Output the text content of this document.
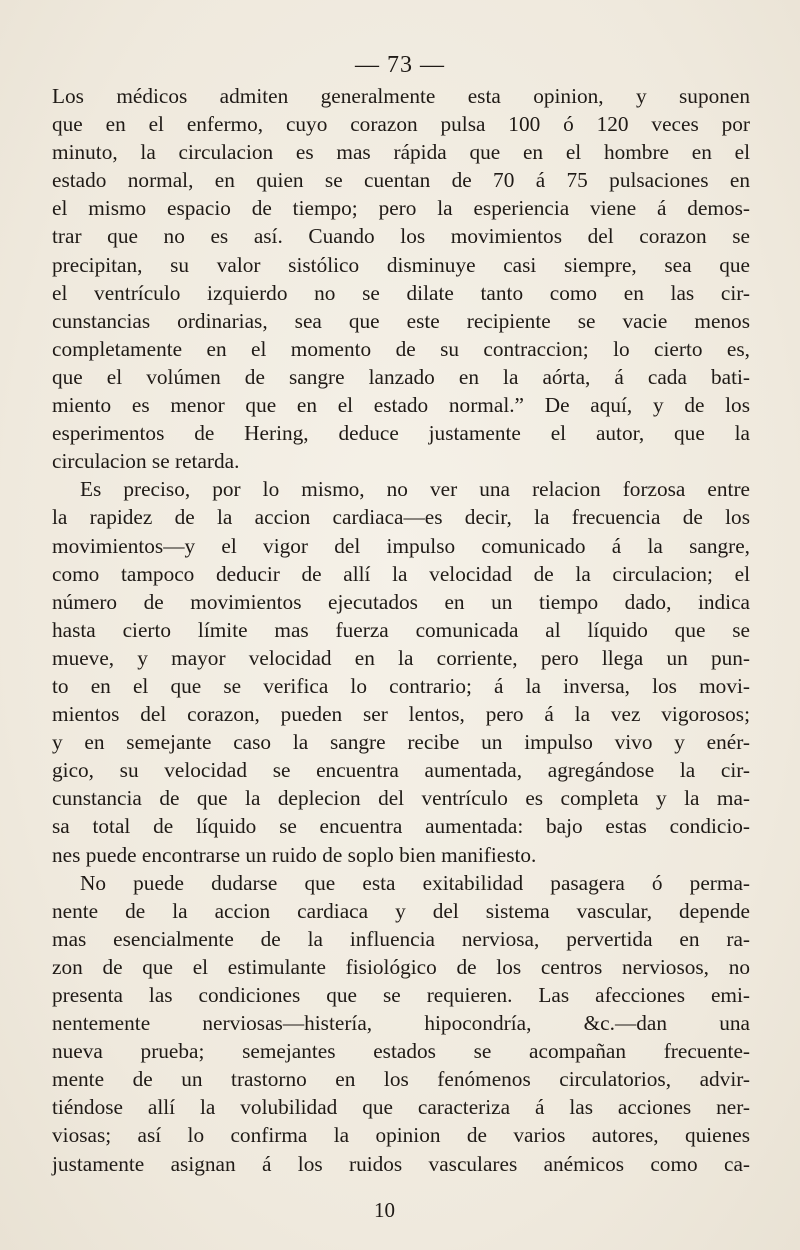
— 73 —

Los médicos admiten generalmente esta opinion, y suponen

que en el enfermo, cuyo corazon pulsa 100 ó 120 veces por

minuto, la circulacion es mas rápida que en el hombre en el

estado normal, en quien se cuentan de 70 á 75 pulsaciones en

el mismo espacio de tiempo; pero la esperiencia viene á demos-

trar que no es así. Cuando los movimientos del corazon se

precipitan, su valor sistólico disminuye casi siempre, sea que

el ventrículo izquierdo no se dilate tanto como en las cir-

cunstancias ordinarias, sea que este recipiente se vacie menos

completamente en el momento de su contraccion; lo cierto es,

que el volúmen de sangre lanzado en la aórta, á cada bati-

miento es menor que en el estado normal.” De aquí, y de los

esperimentos de Hering, deduce justamente el autor, que la

circulacion se retarda.

Es preciso, por lo mismo, no ver una relacion forzosa entre

la rapidez de la accion cardiaca—es decir, la frecuencia de los

movimientos—y el vigor del impulso comunicado á la sangre,

como tampoco deducir de allí la velocidad de la circulacion; el

número de movimientos ejecutados en un tiempo dado, indica

hasta cierto límite mas fuerza comunicada al líquido que se

mueve, y mayor velocidad en la corriente, pero llega un pun-

to en el que se verifica lo contrario; á la inversa, los movi-

mientos del corazon, pueden ser lentos, pero á la vez vigorosos;

y en semejante caso la sangre recibe un impulso vivo y enér-

gico, su velocidad se encuentra aumentada, agregándose la cir-

cunstancia de que la deplecion del ventrículo es completa y la ma-

sa total de líquido se encuentra aumentada: bajo estas condicio-

nes puede encontrarse un ruido de soplo bien manifiesto.

No puede dudarse que esta exitabilidad pasagera ó perma-

nente de la accion cardiaca y del sistema vascular, depende

mas esencialmente de la influencia nerviosa, pervertida en ra-

zon de que el estimulante fisiológico de los centros nerviosos, no

presenta las condiciones que se requieren. Las afecciones emi-

nentemente nerviosas—histería, hipocondría, &c.—dan una

nueva prueba; semejantes estados se acompañan frecuente-

mente de un trastorno en los fenómenos circulatorios, advir-

tiéndose allí la volubilidad que caracteriza á las acciones ner-

viosas; así lo confirma la opinion de varios autores, quienes

justamente asignan á los ruidos vasculares anémicos como ca-

10
